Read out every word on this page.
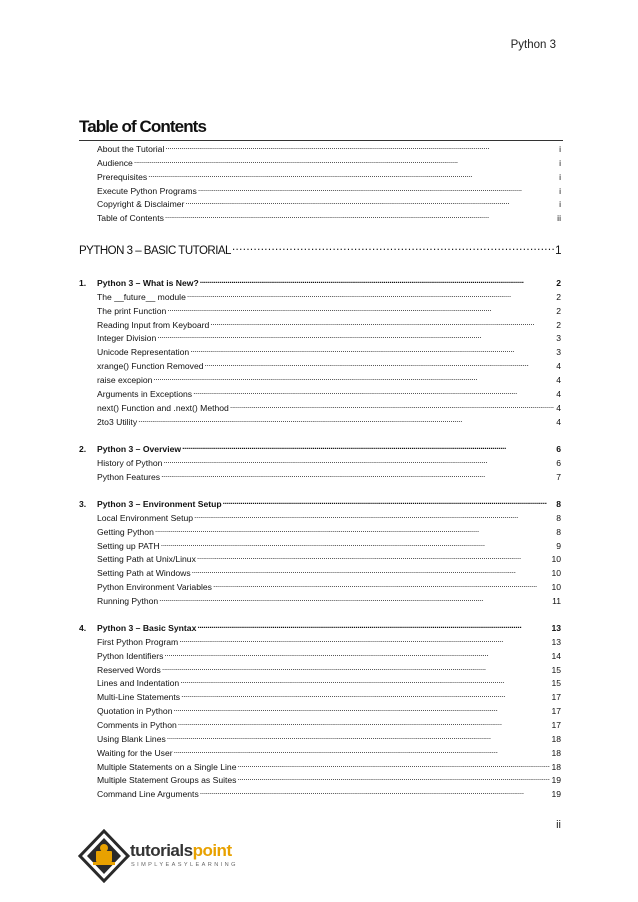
Python 3
Table of Contents
About the Tutorial . . .	i
Audience . . .	i
Prerequisites . . .	i
Execute Python Programs . . .	i
Copyright & Disclaimer . . .	i
Table of Contents . . .	ii
PYTHON 3 – BASIC TUTORIAL . . .	1
1.	Python 3 – What is New? . . .	2
The __future__ module . . .	2
The print Function . . .	2
Reading Input from Keyboard . . .	2
Integer Division . . .	3
Unicode Representation . . .	3
xrange() Function Removed . . .	4
raise excepion . . .	4
Arguments in Exceptions . . .	4
next() Function and .next() Method . . .	4
2to3 Utility . . .	4
2.	Python 3 – Overview . . .	6
History of Python . . .	6
Python Features . . .	7
3.	Python 3 – Environment Setup . . .	8
Local Environment Setup . . .	8
Getting Python . . .	8
Setting up PATH . . .	9
Setting Path at Unix/Linux . . .	10
Setting Path at Windows . . .	10
Python Environment Variables . . .	10
Running Python . . .	11
4.	Python 3 – Basic Syntax . . .	13
First Python Program . . .	13
Python Identifiers . . .	14
Reserved Words . . .	15
Lines and Indentation . . .	15
Multi-Line Statements . . .	17
Quotation in Python . . .	17
Comments in Python . . .	17
Using Blank Lines . . .	18
Waiting for the User . . .	18
Multiple Statements on a Single Line . . .	18
Multiple Statement Groups as Suites . . .	19
Command Line Arguments . . .	19
ii
tutorialspoint
SIMPLYEASYLEARNING
